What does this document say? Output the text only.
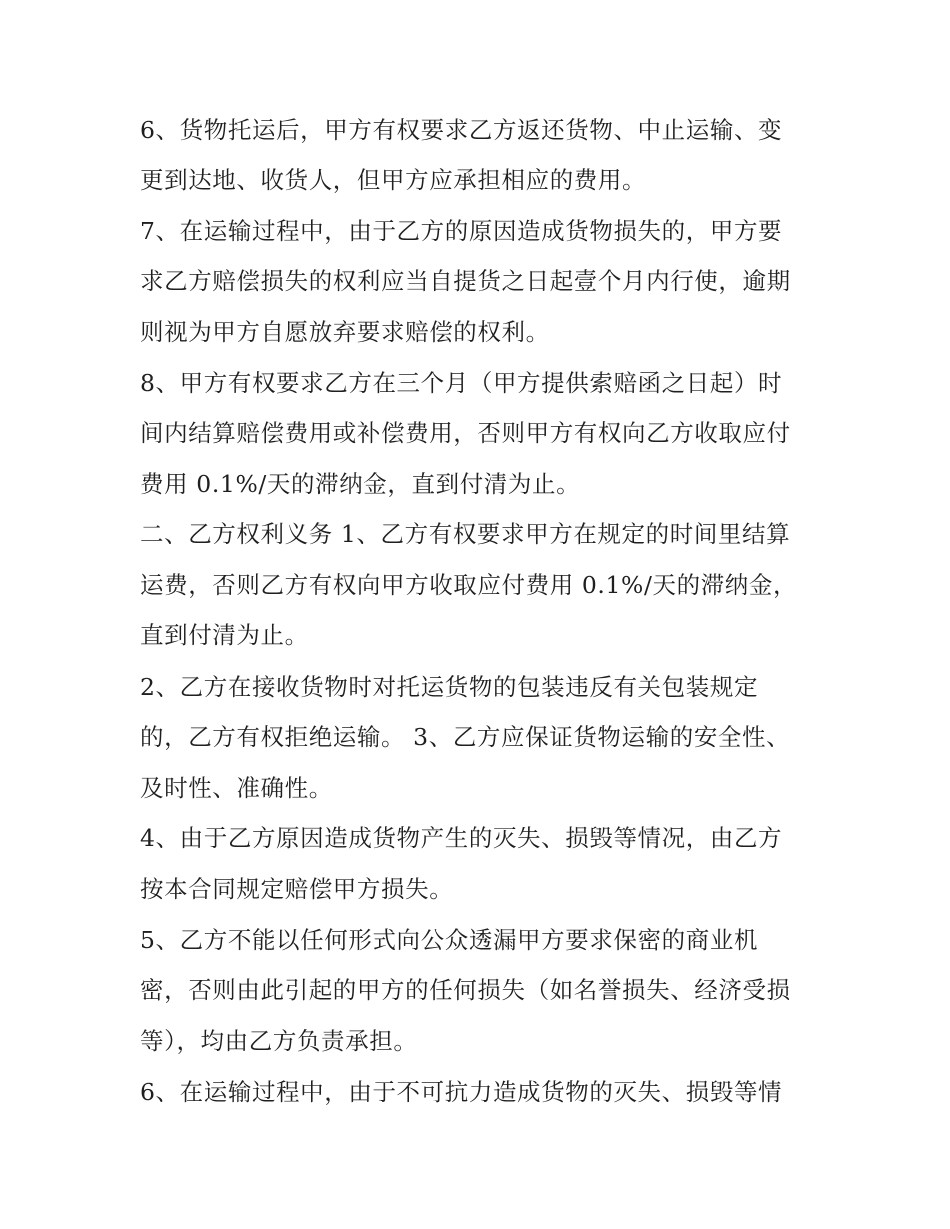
6、货物托运后，甲方有权要求乙方返还货物、中止运输、变
更到达地、收货人，但甲方应承担相应的费用。
7、在运输过程中，由于乙方的原因造成货物损失的，甲方要
求乙方赔偿损失的权利应当自提货之日起壹个月内行使，逾期
则视为甲方自愿放弃要求赔偿的权利。
8、甲方有权要求乙方在三个月（甲方提供索赔函之日起）时
间内结算赔偿费用或补偿费用，否则甲方有权向乙方收取应付
费用 0.1%/天的滞纳金，直到付清为止。
二、乙方权利义务 1、乙方有权要求甲方在规定的时间里结算
运费，否则乙方有权向甲方收取应付费用 0.1%/天的滞纳金，
直到付清为止。
2、乙方在接收货物时对托运货物的包装违反有关包装规定
的，乙方有权拒绝运输。 3、乙方应保证货物运输的安全性、
及时性、准确性。
4、由于乙方原因造成货物产生的灭失、损毁等情况，由乙方
按本合同规定赔偿甲方损失。
5、乙方不能以任何形式向公众透漏甲方要求保密的商业机
密，否则由此引起的甲方的任何损失（如名誉损失、经济受损
等），均由乙方负责承担。
6、在运输过程中，由于不可抗力造成货物的灭失、损毁等情
